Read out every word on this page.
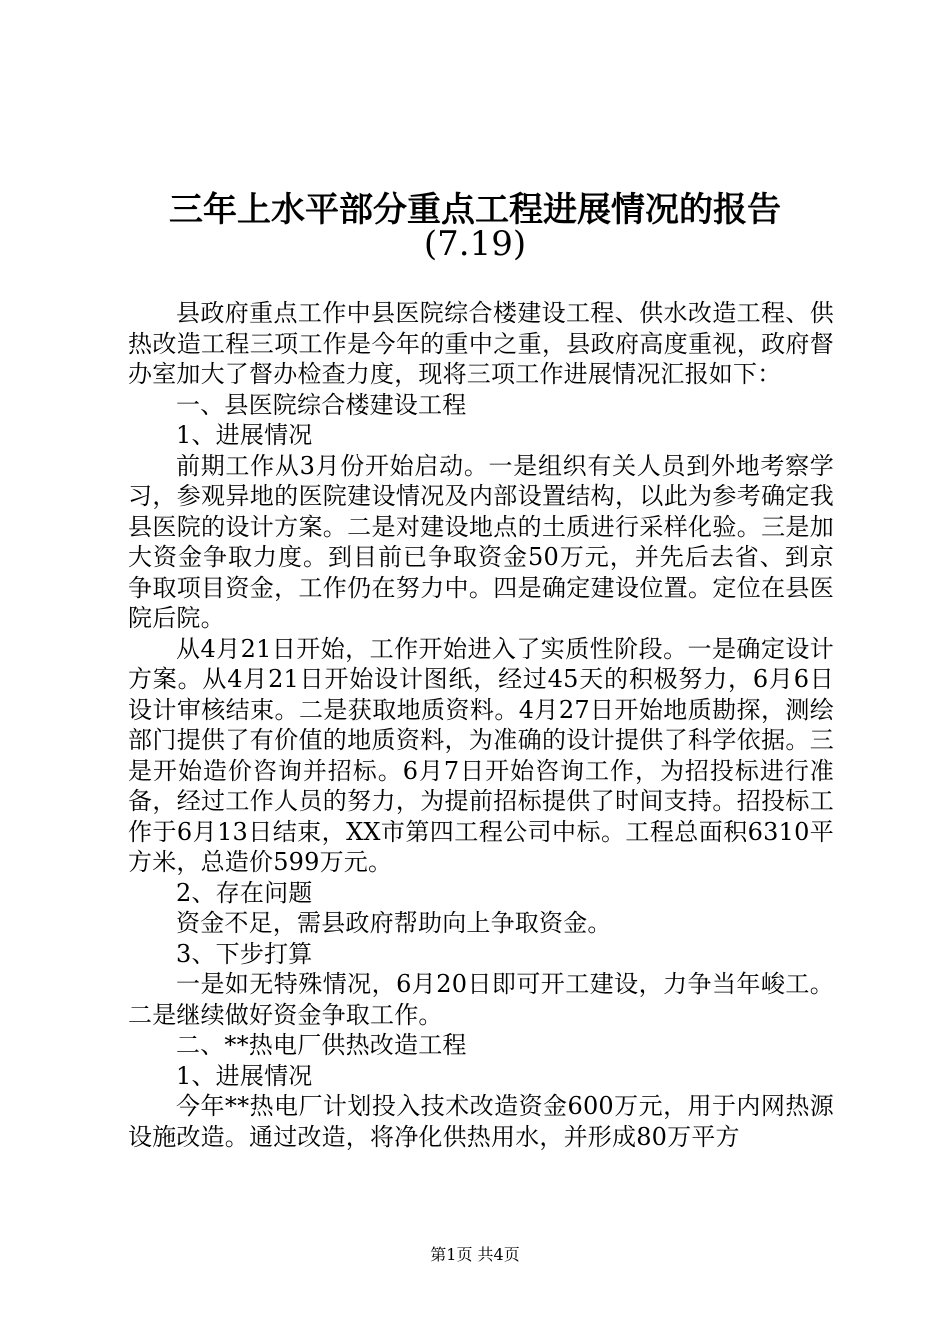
三年上水平部分重点工程进展情况的报告
(7.19)

县政府重点工作中县医院综合楼建设工程、供水改造工程、供热改造工程三项工作是今年的重中之重，县政府高度重视，政府督办室加大了督办检查力度，现将三项工作进展情况汇报如下：

一、县医院综合楼建设工程

1、进展情况

前期工作从3月份开始启动。一是组织有关人员到外地考察学习，参观异地的医院建设情况及内部设置结构，以此为参考确定我县医院的设计方案。二是对建设地点的土质进行采样化验。三是加大资金争取力度。到目前已争取资金50万元，并先后去省、到京争取项目资金，工作仍在努力中。四是确定建设位置。定位在县医院后院。

从4月21日开始，工作开始进入了实质性阶段。一是确定设计方案。从4月21日开始设计图纸，经过45天的积极努力，6月6日设计审核结束。二是获取地质资料。4月27日开始地质勘探，测绘部门提供了有价值的地质资料，为准确的设计提供了科学依据。三是开始造价咨询并招标。6月7日开始咨询工作，为招投标进行准备，经过工作人员的努力，为提前招标提供了时间支持。招投标工作于6月13日结束，XX市第四工程公司中标。工程总面积6310平方米，总造价599万元。

2、存在问题

资金不足，需县政府帮助向上争取资金。

3、下步打算

一是如无特殊情况，6月20日即可开工建设，力争当年峻工。二是继续做好资金争取工作。

二、**热电厂供热改造工程

1、进展情况

今年**热电厂计划投入技术改造资金600万元，用于内网热源设施改造。通过改造，将净化供热用水，并形成80万平方

第1页 共4页
